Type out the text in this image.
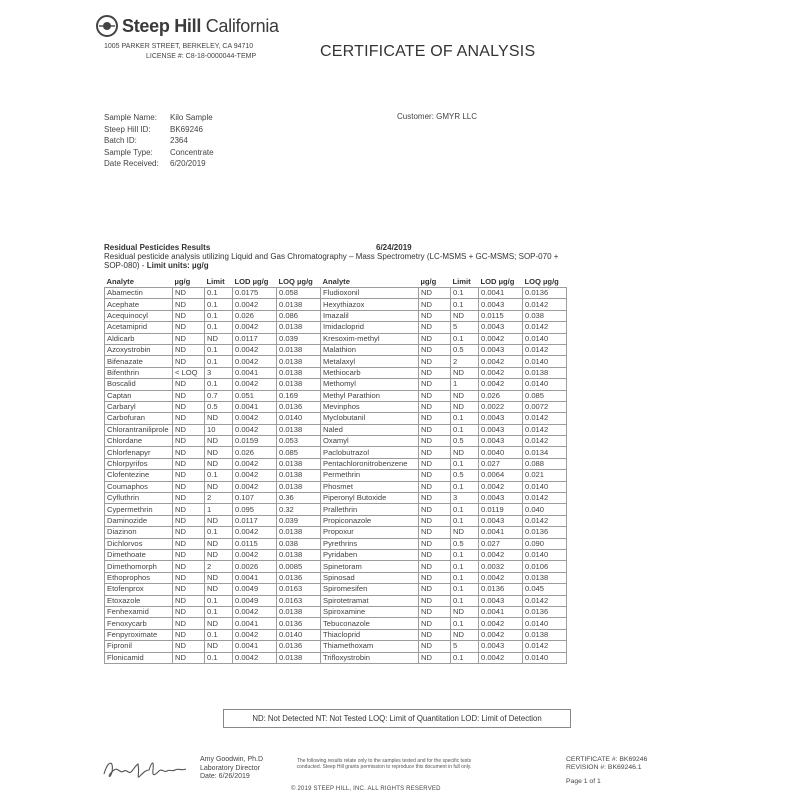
Steep Hill California
1005 PARKER STREET, BERKELEY, CA 94710
LICENSE #: C8-18-0000044-TEMP	CERTIFICATE OF ANALYSIS
Sample Name:	Kilo Sample
Steep Hill ID:	BK69246
Batch ID:	2364
Sample Type:	Concentrate
Date Received:	6/20/2019
Customer: GMYR LLC
Residual Pesticides Results	6/24/2019
Residual pesticide analysis utilizing Liquid and Gas Chromatography – Mass Spectrometry (LC-MSMS + GC-MSMS; SOP-070 + SOP-080) - Limit units: µg/g
Analyte	µg/g	Limit	LOD µg/g	LOQ µg/g	Analyte	µg/g	Limit	LOD µg/g	LOQ µg/g
Abamectin	ND	0.1	0.0175	0.058	Fludioxonil	ND	0.1	0.0041	0.0136
Acephate	ND	0.1	0.0042	0.0138	Hexythiazox	ND	0.1	0.0043	0.0142
Acequinocyl	ND	0.1	0.026	0.086	Imazalil	ND	ND	0.0115	0.038
Acetamiprid	ND	0.1	0.0042	0.0138	Imidacloprid	ND	5	0.0043	0.0142
Aldicarb	ND	ND	0.0117	0.039	Kresoxim-methyl	ND	0.1	0.0042	0.0140
Azoxystrobin	ND	0.1	0.0042	0.0138	Malathion	ND	0.5	0.0043	0.0142
Bifenazate	ND	0.1	0.0042	0.0138	Metalaxyl	ND	2	0.0042	0.0140
Bifenthrin	< LOQ	3	0.0041	0.0138	Methiocarb	ND	ND	0.0042	0.0138
Boscalid	ND	0.1	0.0042	0.0138	Methomyl	ND	1	0.0042	0.0140
Captan	ND	0.7	0.051	0.169	Methyl Parathion	ND	ND	0.026	0.085
Carbaryl	ND	0.5	0.0041	0.0136	Mevinphos	ND	ND	0.0022	0.0072
Carbofuran	ND	ND	0.0042	0.0140	Myclobutanil	ND	0.1	0.0043	0.0142
Chlorantraniliprole	ND	10	0.0042	0.0138	Naled	ND	0.1	0.0043	0.0142
Chlordane	ND	ND	0.0159	0.053	Oxamyl	ND	0.5	0.0043	0.0142
Chlorfenapyr	ND	ND	0.026	0.085	Paclobutrazol	ND	ND	0.0040	0.0134
Chlorpyrifos	ND	ND	0.0042	0.0138	Pentachloronitrobenzene	ND	0.1	0.027	0.088
Clofentezine	ND	0.1	0.0042	0.0138	Permethrin	ND	0.5	0.0064	0.021
Coumaphos	ND	ND	0.0042	0.0138	Phosmet	ND	0.1	0.0042	0.0140
Cyfluthrin	ND	2	0.107	0.36	Piperonyl Butoxide	ND	3	0.0043	0.0142
Cypermethrin	ND	1	0.095	0.32	Prallethrin	ND	0.1	0.0119	0.040
Daminozide	ND	ND	0.0117	0.039	Propiconazole	ND	0.1	0.0043	0.0142
Diazinon	ND	0.1	0.0042	0.0138	Propoxur	ND	ND	0.0041	0.0136
Dichlorvos	ND	ND	0.0115	0.038	Pyrethrins	ND	0.5	0.027	0.090
Dimethoate	ND	ND	0.0042	0.0138	Pyridaben	ND	0.1	0.0042	0.0140
Dimethomorph	ND	2	0.0026	0.0085	Spinetoram	ND	0.1	0.0032	0.0106
Ethoprophos	ND	ND	0.0041	0.0136	Spinosad	ND	0.1	0.0042	0.0138
Etofenprox	ND	ND	0.0049	0.0163	Spiromesifen	ND	0.1	0.0136	0.045
Etoxazole	ND	0.1	0.0049	0.0163	Spirotetramat	ND	0.1	0.0043	0.0142
Fenhexamid	ND	0.1	0.0042	0.0138	Spiroxamine	ND	ND	0.0041	0.0136
Fenoxycarb	ND	ND	0.0041	0.0136	Tebuconazole	ND	0.1	0.0042	0.0140
Fenpyroximate	ND	0.1	0.0042	0.0140	Thiacloprid	ND	ND	0.0042	0.0138
Fipronil	ND	ND	0.0041	0.0136	Thiamethoxam	ND	5	0.0043	0.0142
Flonicamid	ND	0.1	0.0042	0.0138	Trifloxystrobin	ND	0.1	0.0042	0.0140
ND: Not Detected NT: Not Tested LOQ: Limit of Quantitation LOD: Limit of Detection
Amy Goodwin, Ph.D
Laboratory Director
Date: 6/26/2019
The following results relate only to the samples tested and for the specific tests conducted. Steep Hill grants permission to reproduce this document in full only.
CERTIFICATE #: BK69246
REVISION #: BK69246.1
Page 1 of 1
© 2019 STEEP HILL, INC. ALL RIGHTS RESERVED
